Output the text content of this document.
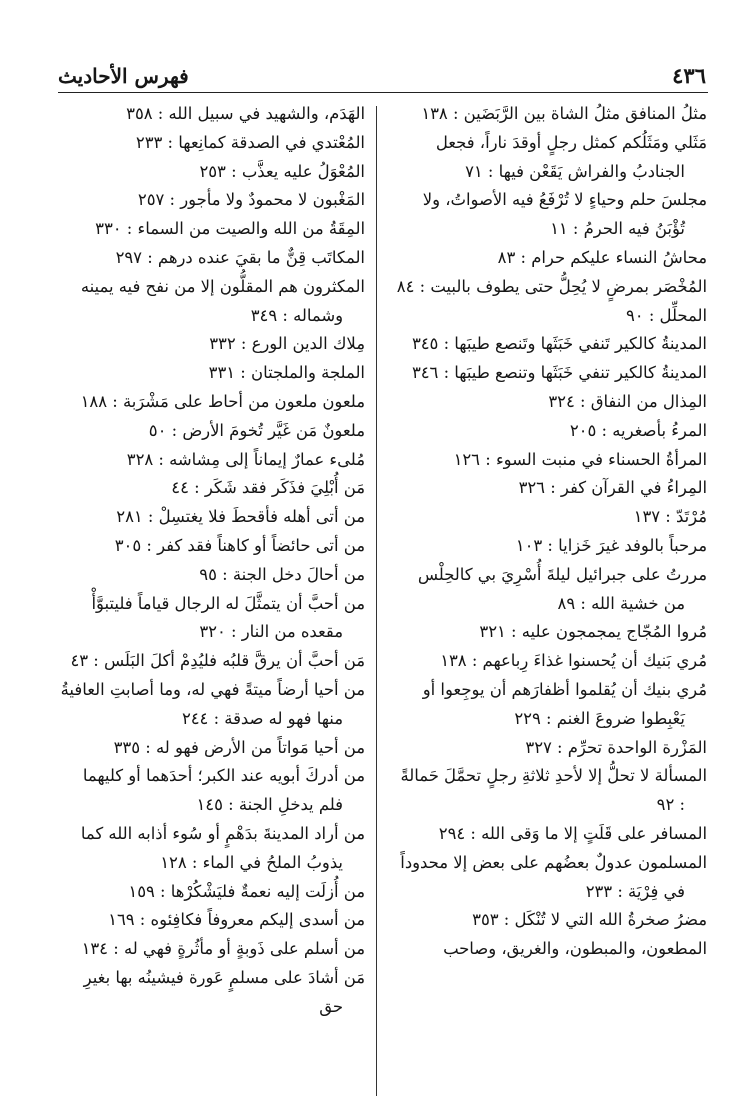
٤٣٦
فهرس الأحاديث

مثلُ المنافق مثلُ الشاة بين الرَّبَضَين : ١٣٨

مَثَلي ومَثَلُكم كمثل رجلٍ أوقدَ ناراً، فجعل الجنادبُ والفراش يَقَعْن فيها : ٧١

مجلسَ حلم وحياءٍ لا تُرْفَعُ فيه الأصواتُ، ولا تُؤْبَنُ فيه الحرمُ : ١١

محاشُ النساء عليكم حرام : ٨٣

المُخْصَر بمرضٍ لا يُحِلُّ حتى يطوف بالبيت : ٨٤

المحلِّل : ٩٠

المدينةُ كالكير تَنفي خَبَثَها وتَنصع طيبَها : ٣٤٥

المدينةُ كالكير تنفي خَبَثَها وتنصع طيبَها : ٣٤٦

المِذال من النفاق : ٣٢٤

المرءُ بأصغريه : ٢٠٥

المرأةُ الحسناء في منبت السوء : ١٢٦

المِراءُ في القرآن كفر : ٣٢٦

مُرْتَدّ : ١٣٧

مرحباً بالوفد غيرَ خَزايا : ١٠٣

مررتُ على جبرائيل ليلةَ أُسْرِيَ بي كالحِلْس من خشية الله : ٨٩

مُروا المُجّاج يمجمجون عليه : ٣٢١

مُري بَنيك أن يُحسنوا غذاءَ رِباعهم : ١٣٨

مُري بنيك أن يُقلموا أظفارَهم أن يوجِعوا أو يَعْبِطوا ضروعَ الغنم : ٢٢٩

المَزْرة الواحدة تحرِّم : ٣٢٧

المسألة لا تحلُّ إلا لأحدِ ثلاثةِ رجلٍ تحمَّلَ حَمالةً : ٩٢

المسافر على قَلَتٍ إلا ما وَقى الله : ٢٩٤

المسلمون عدولٌ بعضُهم على بعض إلا محدوداً في فِرْيَة : ٢٣٣

مضرُ صخرةُ الله التي لا تُنْكَل : ٣٥٣

المطعون، والمبطون، والغريق، وصاحب

الهَدَم، والشهيد في سبيل الله : ٣٥٨

المُعْتدي في الصدقة كمانِعها : ٢٣٣

المُعْوَلُ عليه يعذَّب : ٢٥٣

المَغْبون لا محمودٌ ولا مأجور : ٢٥٧

المِقَةُ من الله والصيت من السماء : ٣٣٠

المكاتَب قِنٌّ ما بقيَ عنده درهم : ٢٩٧

المكثرون هم المقلُّون إلا من نفح فيه يمينه وشماله : ٣٤٩

مِلاك الدين الورع : ٣٣٢

الملجة والملجتان : ٣٣١

ملعون ملعون من أحاط على مَشْرَبة : ١٨٨

ملعونٌ مَن غَيَّر تُخومَ الأرض : ٥٠

مُلىء عمارٌ إيماناً إلى مِشاشه : ٣٢٨

مَن أُبْلِيَ فذَكَر فقد شَكَر : ٤٤

من أتى أهله فأقحطَ فلا يغتسِلْ : ٢٨١

من أتى حائضاً أو كاهناً فقد كفر : ٣٠٥

من أحالَ دخل الجنة : ٩٥

من أحبَّ أن يتمثَّلَ له الرجال قياماً فليتبوَّأْ مقعده من النار : ٣٢٠

مَن أحبَّ أن يرقَّ قلبُه فليُدِمْ أكلَ البَلَس : ٤٣

من أحيا أرضاً ميتةً فهي له، وما أصابتِ العافيةُ منها فهو له صدقة : ٢٤٤

من أحيا مَواتاً من الأرض فهو له : ٣٣٥

من أدركَ أبويه عند الكبر؛ أحدَهما أو كليهما فلم يدخلِ الجنة : ١٤٥

من أراد المدينةَ بدَهْمٍ أو سُوء أذابه الله كما يذوبُ الملحُ في الماء : ١٢٨

من أُزلَت إليه نعمةٌ فليَشْكُرْها : ١٥٩

من أسدى إليكم معروفاً فكافِئوه : ١٦٩

من أسلم على ذَوبةٍ أو مأثُرةٍ فهي له : ١٣٤

مَن أشادَ على مسلمٍ عَورة فيشينُه بها بغيرِ حق
